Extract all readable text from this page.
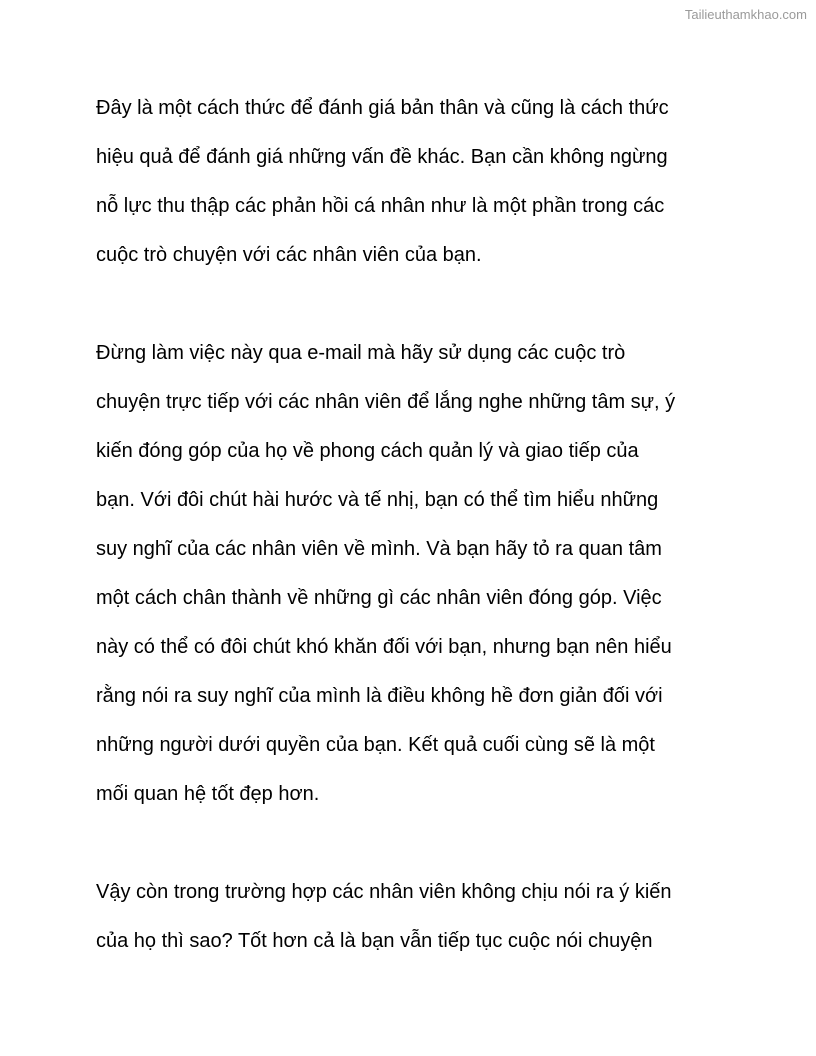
Tailieuthamkhao.com
Đây là một cách thức để đánh giá bản thân và cũng là cách thức
hiệu quả để đánh giá những vấn đề khác. Bạn cần không ngừng
nỗ lực thu thập các phản hồi cá nhân như là một phần trong các
cuộc trò chuyện với các nhân viên của bạn.
Đừng làm việc này qua e-mail mà hãy sử dụng các cuộc trò
chuyện trực tiếp với các nhân viên để lắng nghe những tâm sự, ý
kiến đóng góp của họ về phong cách quản lý và giao tiếp của
bạn. Với đôi chút hài hước và tế nhị, bạn có thể tìm hiểu những
suy nghĩ của các nhân viên về mình. Và bạn hãy tỏ ra quan tâm
một cách chân thành về những gì các nhân viên đóng góp. Việc
này có thể có đôi chút khó khăn đối với bạn, nhưng bạn nên hiểu
rằng nói ra suy nghĩ của mình là điều không hề đơn giản đối với
những người dưới quyền của bạn. Kết quả cuối cùng sẽ là một
mối quan hệ tốt đẹp hơn.
Vậy còn trong trường hợp các nhân viên không chịu nói ra ý kiến
của họ thì sao? Tốt hơn cả là bạn vẫn tiếp tục cuộc nói chuyện
